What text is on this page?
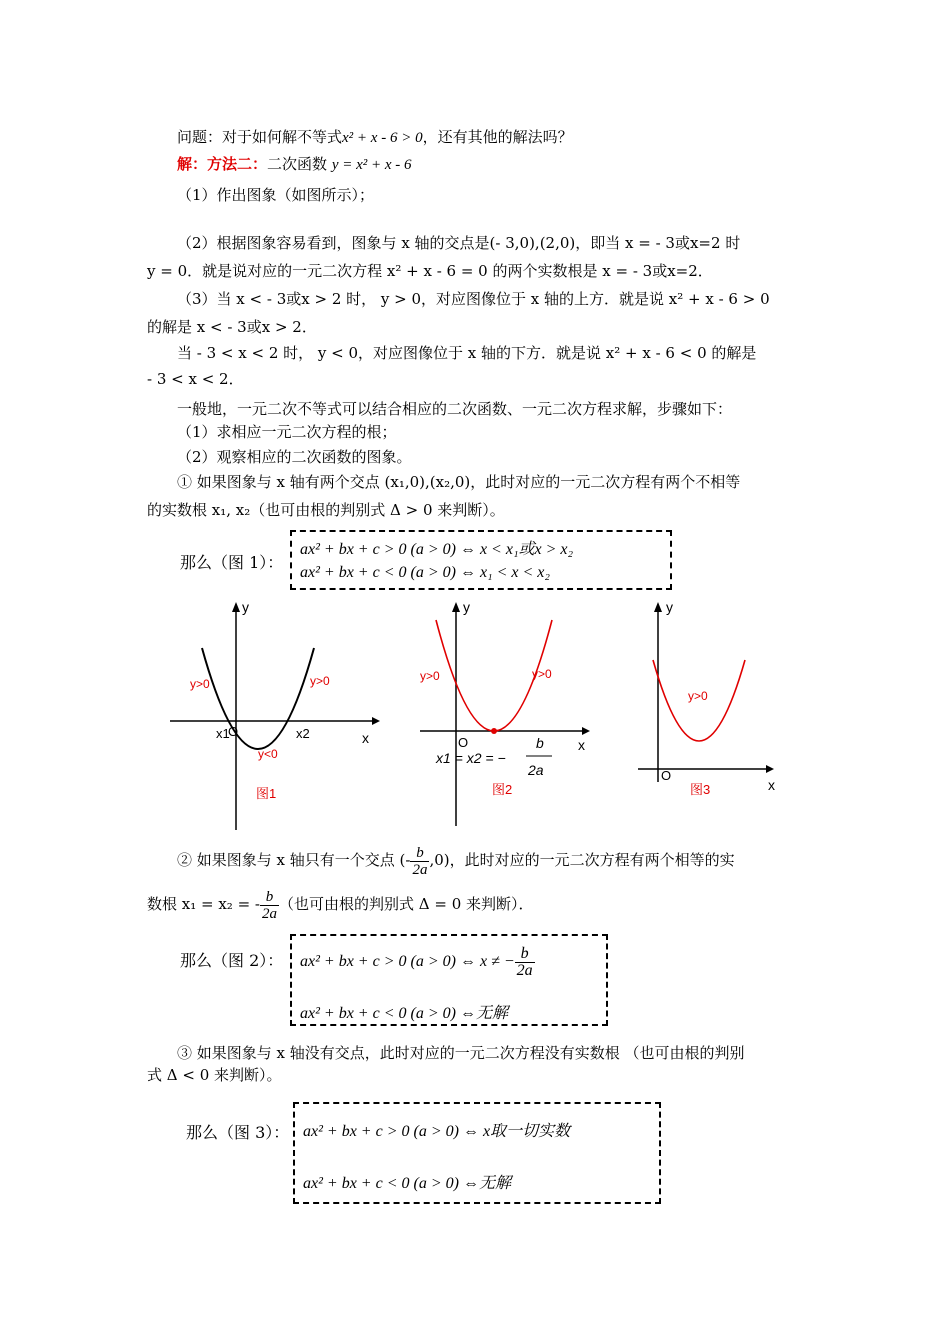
问题：对于如何解不等式x² + x - 6 > 0，还有其他的解法吗？
解：方法二：二次函数 y = x² + x - 6
（1）作出图象（如图所示）；
（2）根据图象容易看到，图象与 x 轴的交点是(- 3,0),(2,0)，即当 x = - 3或x=2 时
y = 0．就是说对应的一元二次方程 x² + x - 6 = 0 的两个实数根是 x = - 3或x=2．
（3）当 x < - 3或x > 2 时， y > 0，对应图像位于 x 轴的上方．就是说 x² + x - 6 > 0
的解是 x < - 3或x > 2．
当 - 3 < x < 2 时， y < 0，对应图像位于 x 轴的下方．就是说 x² + x - 6 < 0 的解是
- 3 < x < 2．
一般地，一元二次不等式可以结合相应的二次函数、一元二次方程求解，步骤如下：
（1）求相应一元二次方程的根；
（2）观察相应的二次函数的图象。
① 如果图象与 x 轴有两个交点 (x₁,0),(x₂,0)，此时对应的一元二次方程有两个不相等
的实数根 x₁, x₂（也可由根的判别式 Δ > 0 来判断）。
那么（图 1）：
ax² + bx + c > 0 (a > 0) ⇔ x < x₁或x > x₂
ax² + bx + c < 0 (a > 0) ⇔ x₁ < x < x₂
y
x
O
x1	x2
y>0	y>0
y<0
图1
y
x
O
y>0	y>0
x1 = x2 = −
b
2a
图2
y
x
O
y>0
图3
② 如果图象与 x 轴只有一个交点 (- $\frac{b}{2a} ,0$)，此时对应的一元二次方程有两个相等的实
数根 x₁ = x₂ = - $\frac{b}{2a}$ （也可由根的判别式 Δ = 0 来判断）．
那么（图 2）： ax² + bx + c > 0 (a > 0) ⇔ x ≠ − $\frac{b}{2a}$
ax² + bx + c < 0 (a > 0) ⇔无解
③ 如果图象与 x 轴没有交点，此时对应的一元二次方程没有实数根 （也可由根的判别
式 Δ < 0 来判断）。
那么（图 3）： ax² + bx + c > 0 (a > 0) ⇔ x取一切实数
ax² + bx + c < 0 (a > 0) ⇔无解
